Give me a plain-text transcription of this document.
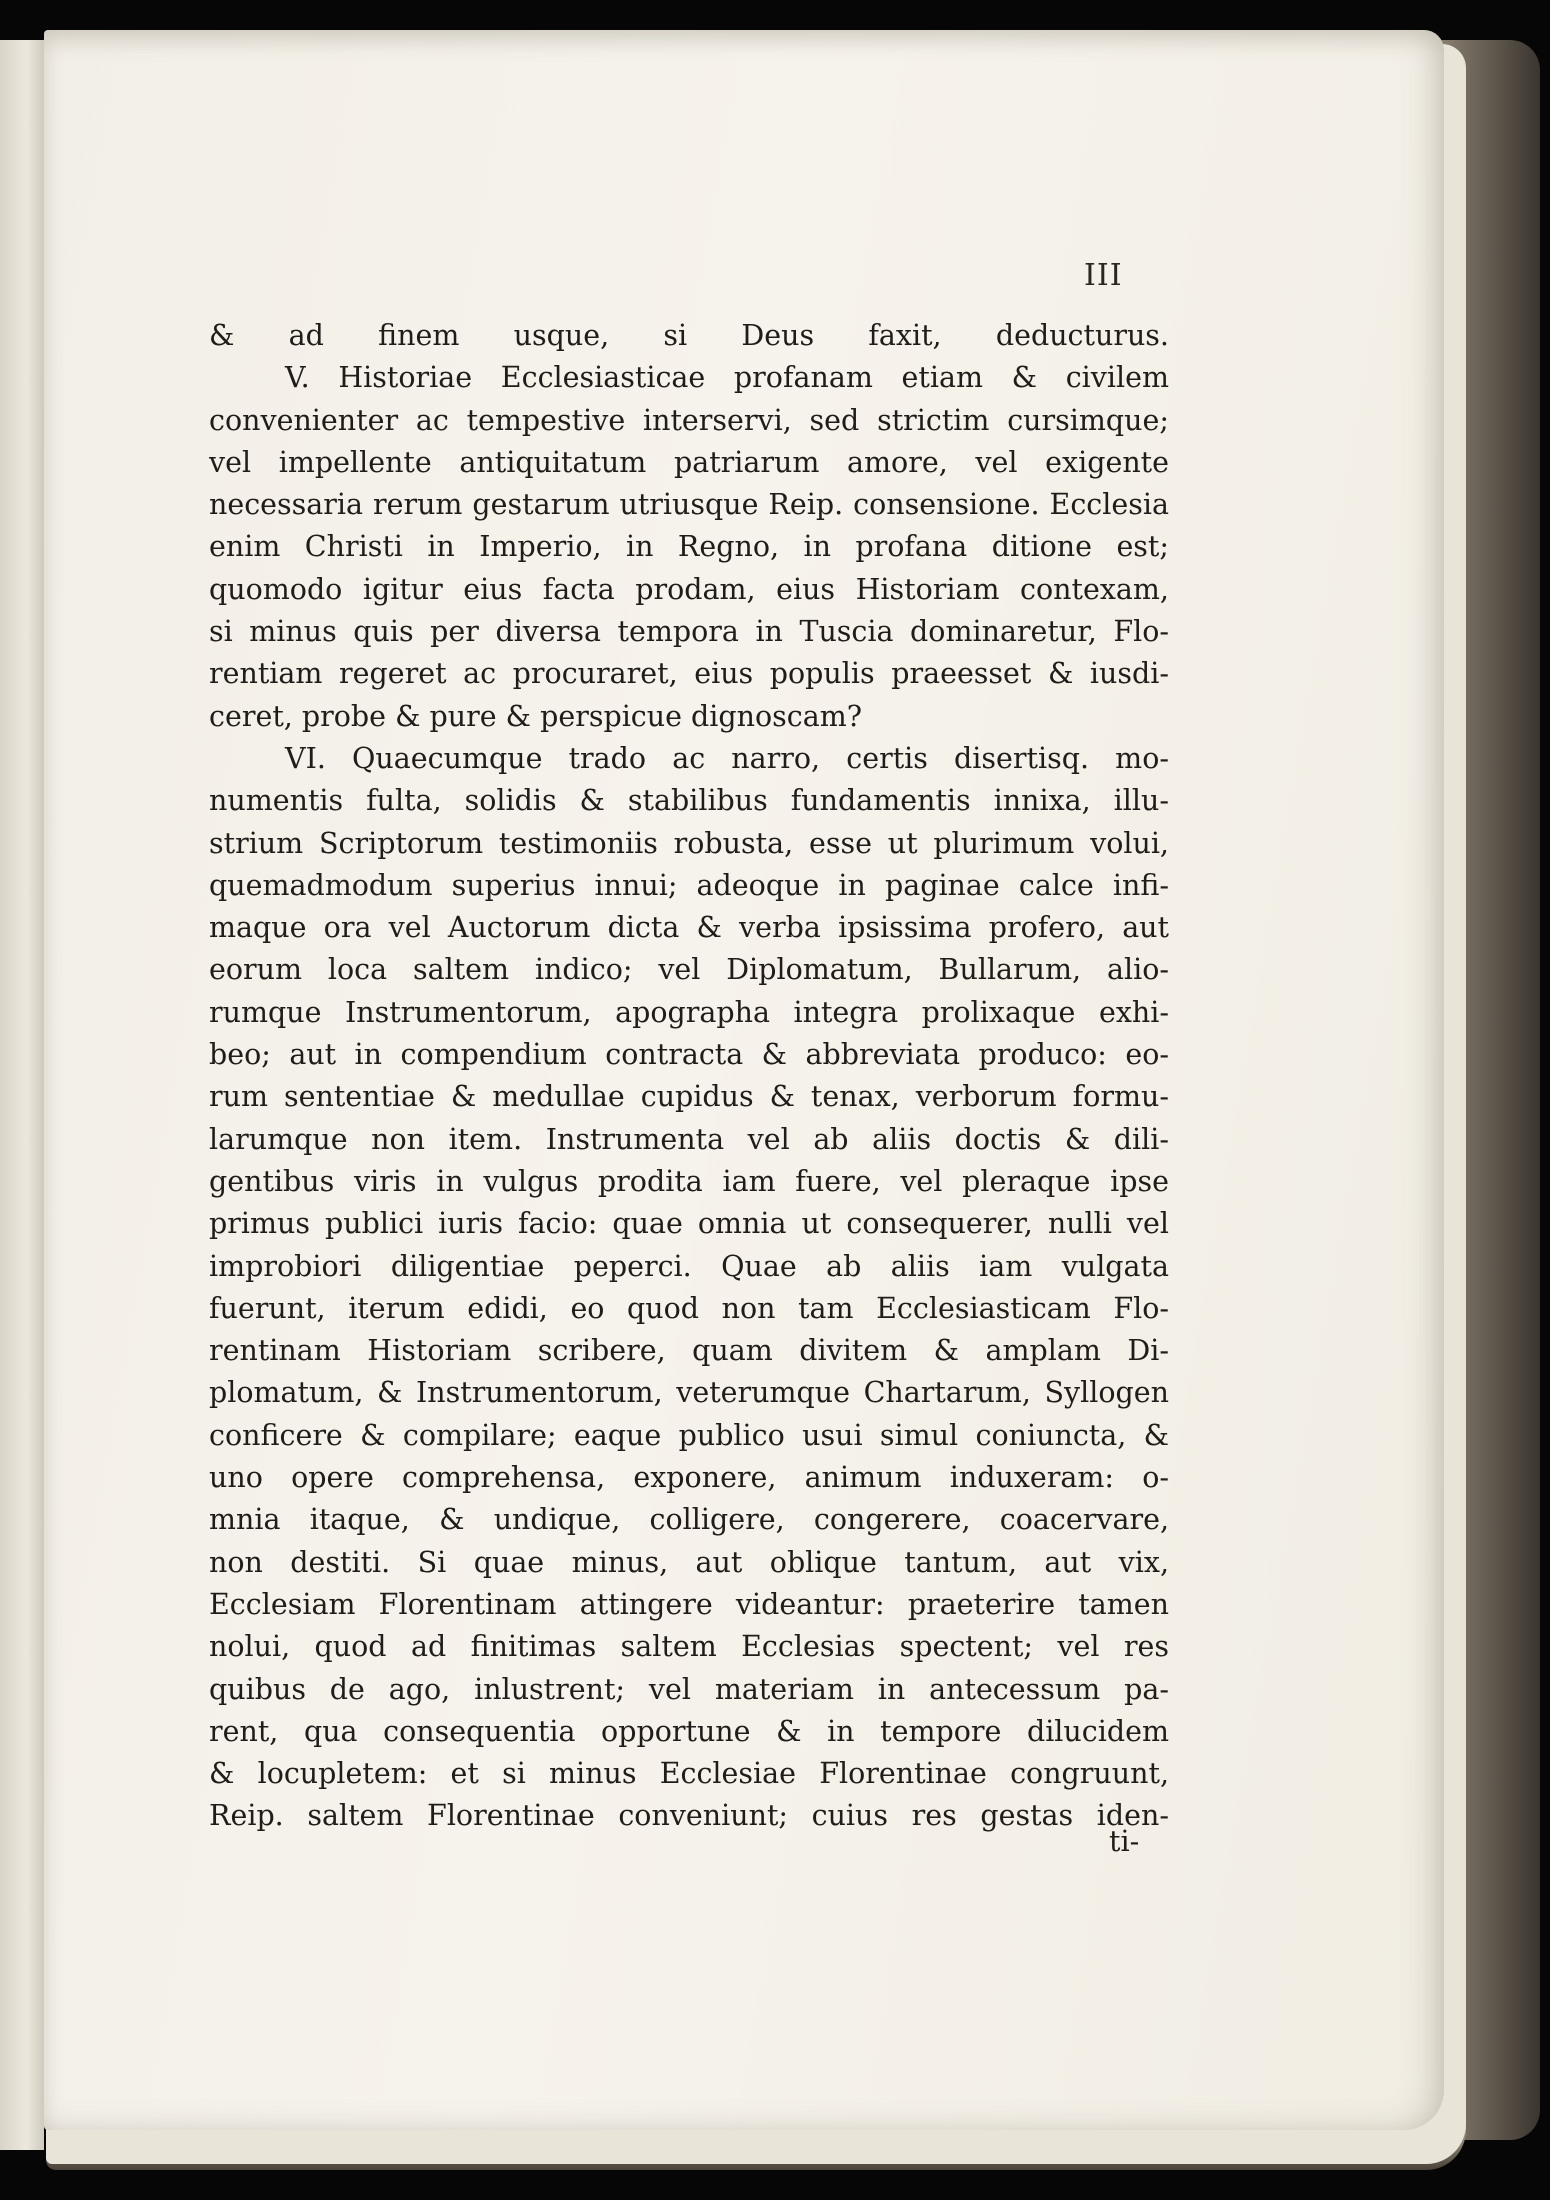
III
& ad finem usque, si Deus faxit, deducturus.
V. Historiae Ecclesiasticae profanam etiam & civilem
convenienter ac tempestive interservi, sed strictim cursimque;
vel impellente antiquitatum patriarum amore, vel exigente
necessaria rerum gestarum utriusque Reip. consensione. Ecclesia
enim Christi in Imperio, in Regno, in profana ditione est;
quomodo igitur eius facta prodam, eius Historiam contexam,
si minus quis per diversa tempora in Tuscia dominaretur, Flo-
rentiam regeret ac procuraret, eius populis praeesset & iusdi-
ceret, probe & pure & perspicue dignoscam?
VI. Quaecumque trado ac narro, certis disertisq. mo-
numentis fulta, solidis & stabilibus fundamentis innixa, illu-
strium Scriptorum testimoniis robusta, esse ut plurimum volui,
quemadmodum superius innui; adeoque in paginae calce infi-
maque ora vel Auctorum dicta & verba ipsissima profero, aut
eorum loca saltem indico; vel Diplomatum, Bullarum, alio-
rumque Instrumentorum, apographa integra prolixaque exhi-
beo; aut in compendium contracta & abbreviata produco: eo-
rum sententiae & medullae cupidus & tenax, verborum formu-
larumque non item. Instrumenta vel ab aliis doctis & dili-
gentibus viris in vulgus prodita iam fuere, vel pleraque ipse
primus publici iuris facio: quae omnia ut consequerer, nulli vel
improbiori diligentiae peperci. Quae ab aliis iam vulgata
fuerunt, iterum edidi, eo quod non tam Ecclesiasticam Flo-
rentinam Historiam scribere, quam divitem & amplam Di-
plomatum, & Instrumentorum, veterumque Chartarum, Syllogen
conficere & compilare; eaque publico usui simul coniuncta, &
uno opere comprehensa, exponere, animum induxeram: o-
mnia itaque, & undique, colligere, congerere, coacervare,
non destiti. Si quae minus, aut oblique tantum, aut vix,
Ecclesiam Florentinam attingere videantur: praeterire tamen
nolui, quod ad finitimas saltem Ecclesias spectent; vel res
quibus de ago, inlustrent; vel materiam in antecessum pa-
rent, qua consequentia opportune & in tempore dilucidem
& locupletem: et si minus Ecclesiae Florentinae congruunt,
Reip. saltem Florentinae conveniunt; cuius res gestas iden-
ti-
